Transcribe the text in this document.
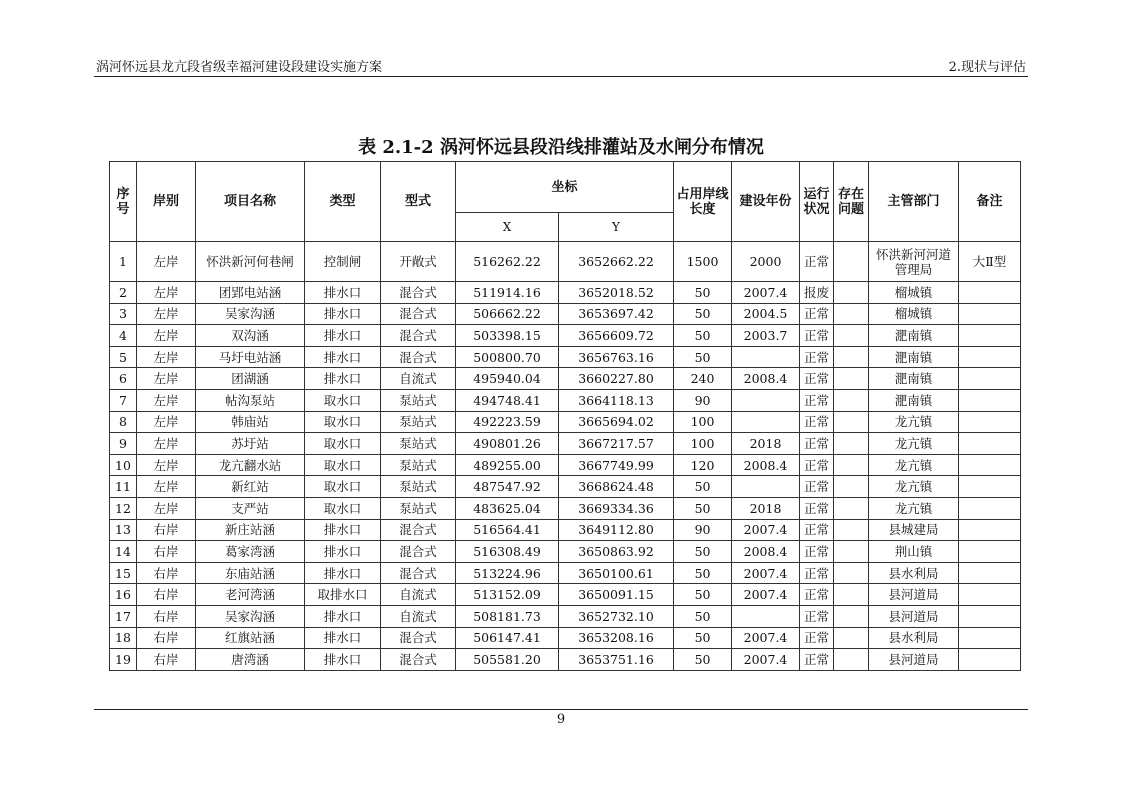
涡河怀远县龙亢段省级幸福河建设段建设实施方案	2.现状与评估
表 2.1-2 涡河怀远县段沿线排灌站及水闸分布情况
序号	岸别	项目名称	类型	型式	坐标		占用岸线长度	建设年份	运行状况	存在问题	主管部门	备注
					X	Y						
1	左岸	怀洪新河何巷闸	控制闸	开敞式	516262.22	3652662.22	1500	2000	正常		怀洪新河河道管理局	大Ⅱ型
2	左岸	团郢电站涵	排水口	混合式	511914.16	3652018.52	50	2007.4	报废		榴城镇	
3	左岸	吴家沟涵	排水口	混合式	506662.22	3653697.42	50	2004.5	正常		榴城镇	
4	左岸	双沟涵	排水口	混合式	503398.15	3656609.72	50	2003.7	正常		淝南镇	
5	左岸	马圩电站涵	排水口	混合式	500800.70	3656763.16	50		正常		淝南镇	
6	左岸	团湖涵	排水口	自流式	495940.04	3660227.80	240	2008.4	正常		淝南镇	
7	左岸	帖沟泵站	取水口	泵站式	494748.41	3664118.13	90		正常		淝南镇	
8	左岸	韩庙站	取水口	泵站式	492223.59	3665694.02	100		正常		龙亢镇	
9	左岸	苏圩站	取水口	泵站式	490801.26	3667217.57	100	2018	正常		龙亢镇	
10	左岸	龙亢翻水站	取水口	泵站式	489255.00	3667749.99	120	2008.4	正常		龙亢镇	
11	左岸	新红站	取水口	泵站式	487547.92	3668624.48	50		正常		龙亢镇	
12	左岸	支严站	取水口	泵站式	483625.04	3669334.36	50	2018	正常		龙亢镇	
13	右岸	新庄站涵	排水口	混合式	516564.41	3649112.80	90	2007.4	正常		县城建局	
14	右岸	葛家湾涵	排水口	混合式	516308.49	3650863.92	50	2008.4	正常		荆山镇	
15	右岸	东庙站涵	排水口	混合式	513224.96	3650100.61	50	2007.4	正常		县水利局	
16	右岸	老河湾涵	取排水口	自流式	513152.09	3650091.15	50	2007.4	正常		县河道局	
17	右岸	吴家沟涵	排水口	自流式	508181.73	3652732.10	50		正常		县河道局	
18	右岸	红旗站涵	排水口	混合式	506147.41	3653208.16	50	2007.4	正常		县水利局	
19	右岸	唐湾涵	排水口	混合式	505581.20	3653751.16	50	2007.4	正常		县河道局	
9
